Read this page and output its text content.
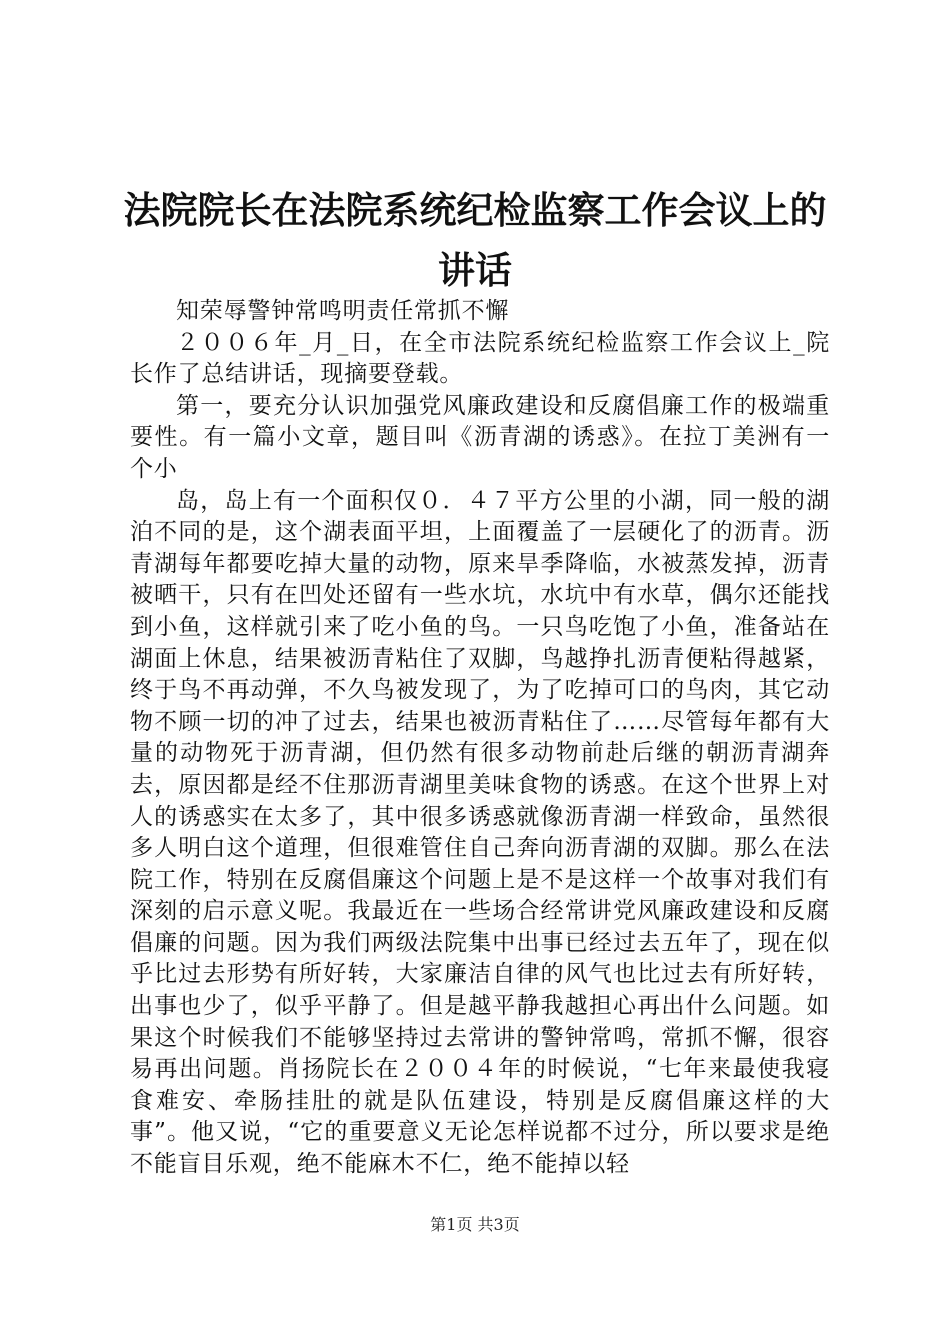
法院院长在法院系统纪检监察工作会议上的讲话

知荣辱警钟常鸣明责任常抓不懈

２００６年_月_日，在全市法院系统纪检监察工作会议上_院长作了总结讲话，现摘要登载。

第一，要充分认识加强党风廉政建设和反腐倡廉工作的极端重要性。有一篇小文章，题目叫《沥青湖的诱惑》。在拉丁美洲有一个小

岛，岛上有一个面积仅０．４７平方公里的小湖，同一般的湖泊不同的是，这个湖表面平坦，上面覆盖了一层硬化了的沥青。沥青湖每年都要吃掉大量的动物，原来旱季降临，水被蒸发掉，沥青被晒干，只有在凹处还留有一些水坑，水坑中有水草，偶尔还能找到小鱼，这样就引来了吃小鱼的鸟。一只鸟吃饱了小鱼，准备站在湖面上休息，结果被沥青粘住了双脚，鸟越挣扎沥青便粘得越紧，终于鸟不再动弹，不久鸟被发现了，为了吃掉可口的鸟肉，其它动物不顾一切的冲了过去，结果也被沥青粘住了……尽管每年都有大量的动物死于沥青湖，但仍然有很多动物前赴后继的朝沥青湖奔去，原因都是经不住那沥青湖里美味食物的诱惑。在这个世界上对人的诱惑实在太多了，其中很多诱惑就像沥青湖一样致命，虽然很多人明白这个道理，但很难管住自己奔向沥青湖的双脚。那么在法院工作，特别在反腐倡廉这个问题上是不是这样一个故事对我们有深刻的启示意义呢。我最近在一些场合经常讲党风廉政建设和反腐倡廉的问题。因为我们两级法院集中出事已经过去五年了，现在似乎比过去形势有所好转，大家廉洁自律的风气也比过去有所好转，出事也少了，似乎平静了。但是越平静我越担心再出什么问题。如果这个时候我们不能够坚持过去常讲的警钟常鸣，常抓不懈，很容易再出问题。肖扬院长在２００４年的时候说，“七年来最使我寝食难安、牵肠挂肚的就是队伍建设，特别是反腐倡廉这样的大事”。他又说，“它的重要意义无论怎样说都不过分，所以要求是绝不能盲目乐观，绝不能麻木不仁，绝不能掉以轻

第1页 共3页
